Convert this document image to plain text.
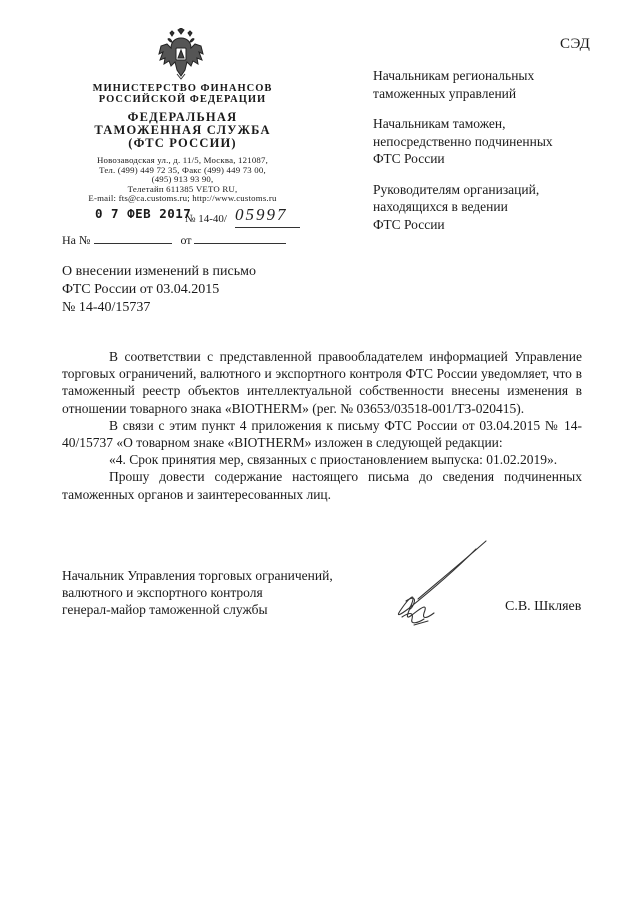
СЭД
МИНИСТЕРСТВО ФИНАНСОВ
РОССИЙСКОЙ ФЕДЕРАЦИИ
ФЕДЕРАЛЬНАЯ
ТАМОЖЕННАЯ СЛУЖБА
(ФТС РОССИИ)
Новозаводская ул., д. 11/5, Москва, 121087,
Тел. (499) 449 72 35, Факс (499) 449 73 00,
(495) 913 93 90,
Телетайп 611385 VETO RU,
E-mail: fts@ca.customs.ru; http://www.customs.ru
0 7 ФЕВ 2017
№ 14-40/ 05997
На №	от
Начальникам региональных
таможенных управлений
Начальникам таможен,
непосредственно подчиненных
ФТС России
Руководителям организаций,
находящихся в ведении
ФТС России
О внесении изменений в письмо
ФТС России от 03.04.2015
№ 14-40/15737

В соответствии с представленной правообладателем информацией Управление торговых ограничений, валютного и экспортного контроля ФТС России уведомляет, что в таможенный реестр объектов интеллектуальной собственности внесены изменения в отношении товарного знака «BIOTHERM» (рег. № 03653/03518-001/ТЗ-020415).

В связи с этим пункт 4 приложения к письму ФТС России от 03.04.2015 № 14-40/15737 «О товарном знаке «BIOTHERM» изложен в следующей редакции:

«4. Срок принятия мер, связанных с приостановлением выпуска: 01.02.2019».

Прошу довести содержание настоящего письма до сведения подчиненных таможенных органов и заинтересованных лиц.

Начальник Управления торговых ограничений,
валютного и экспортного контроля
генерал-майор таможенной службы	С.В. Шкляев
